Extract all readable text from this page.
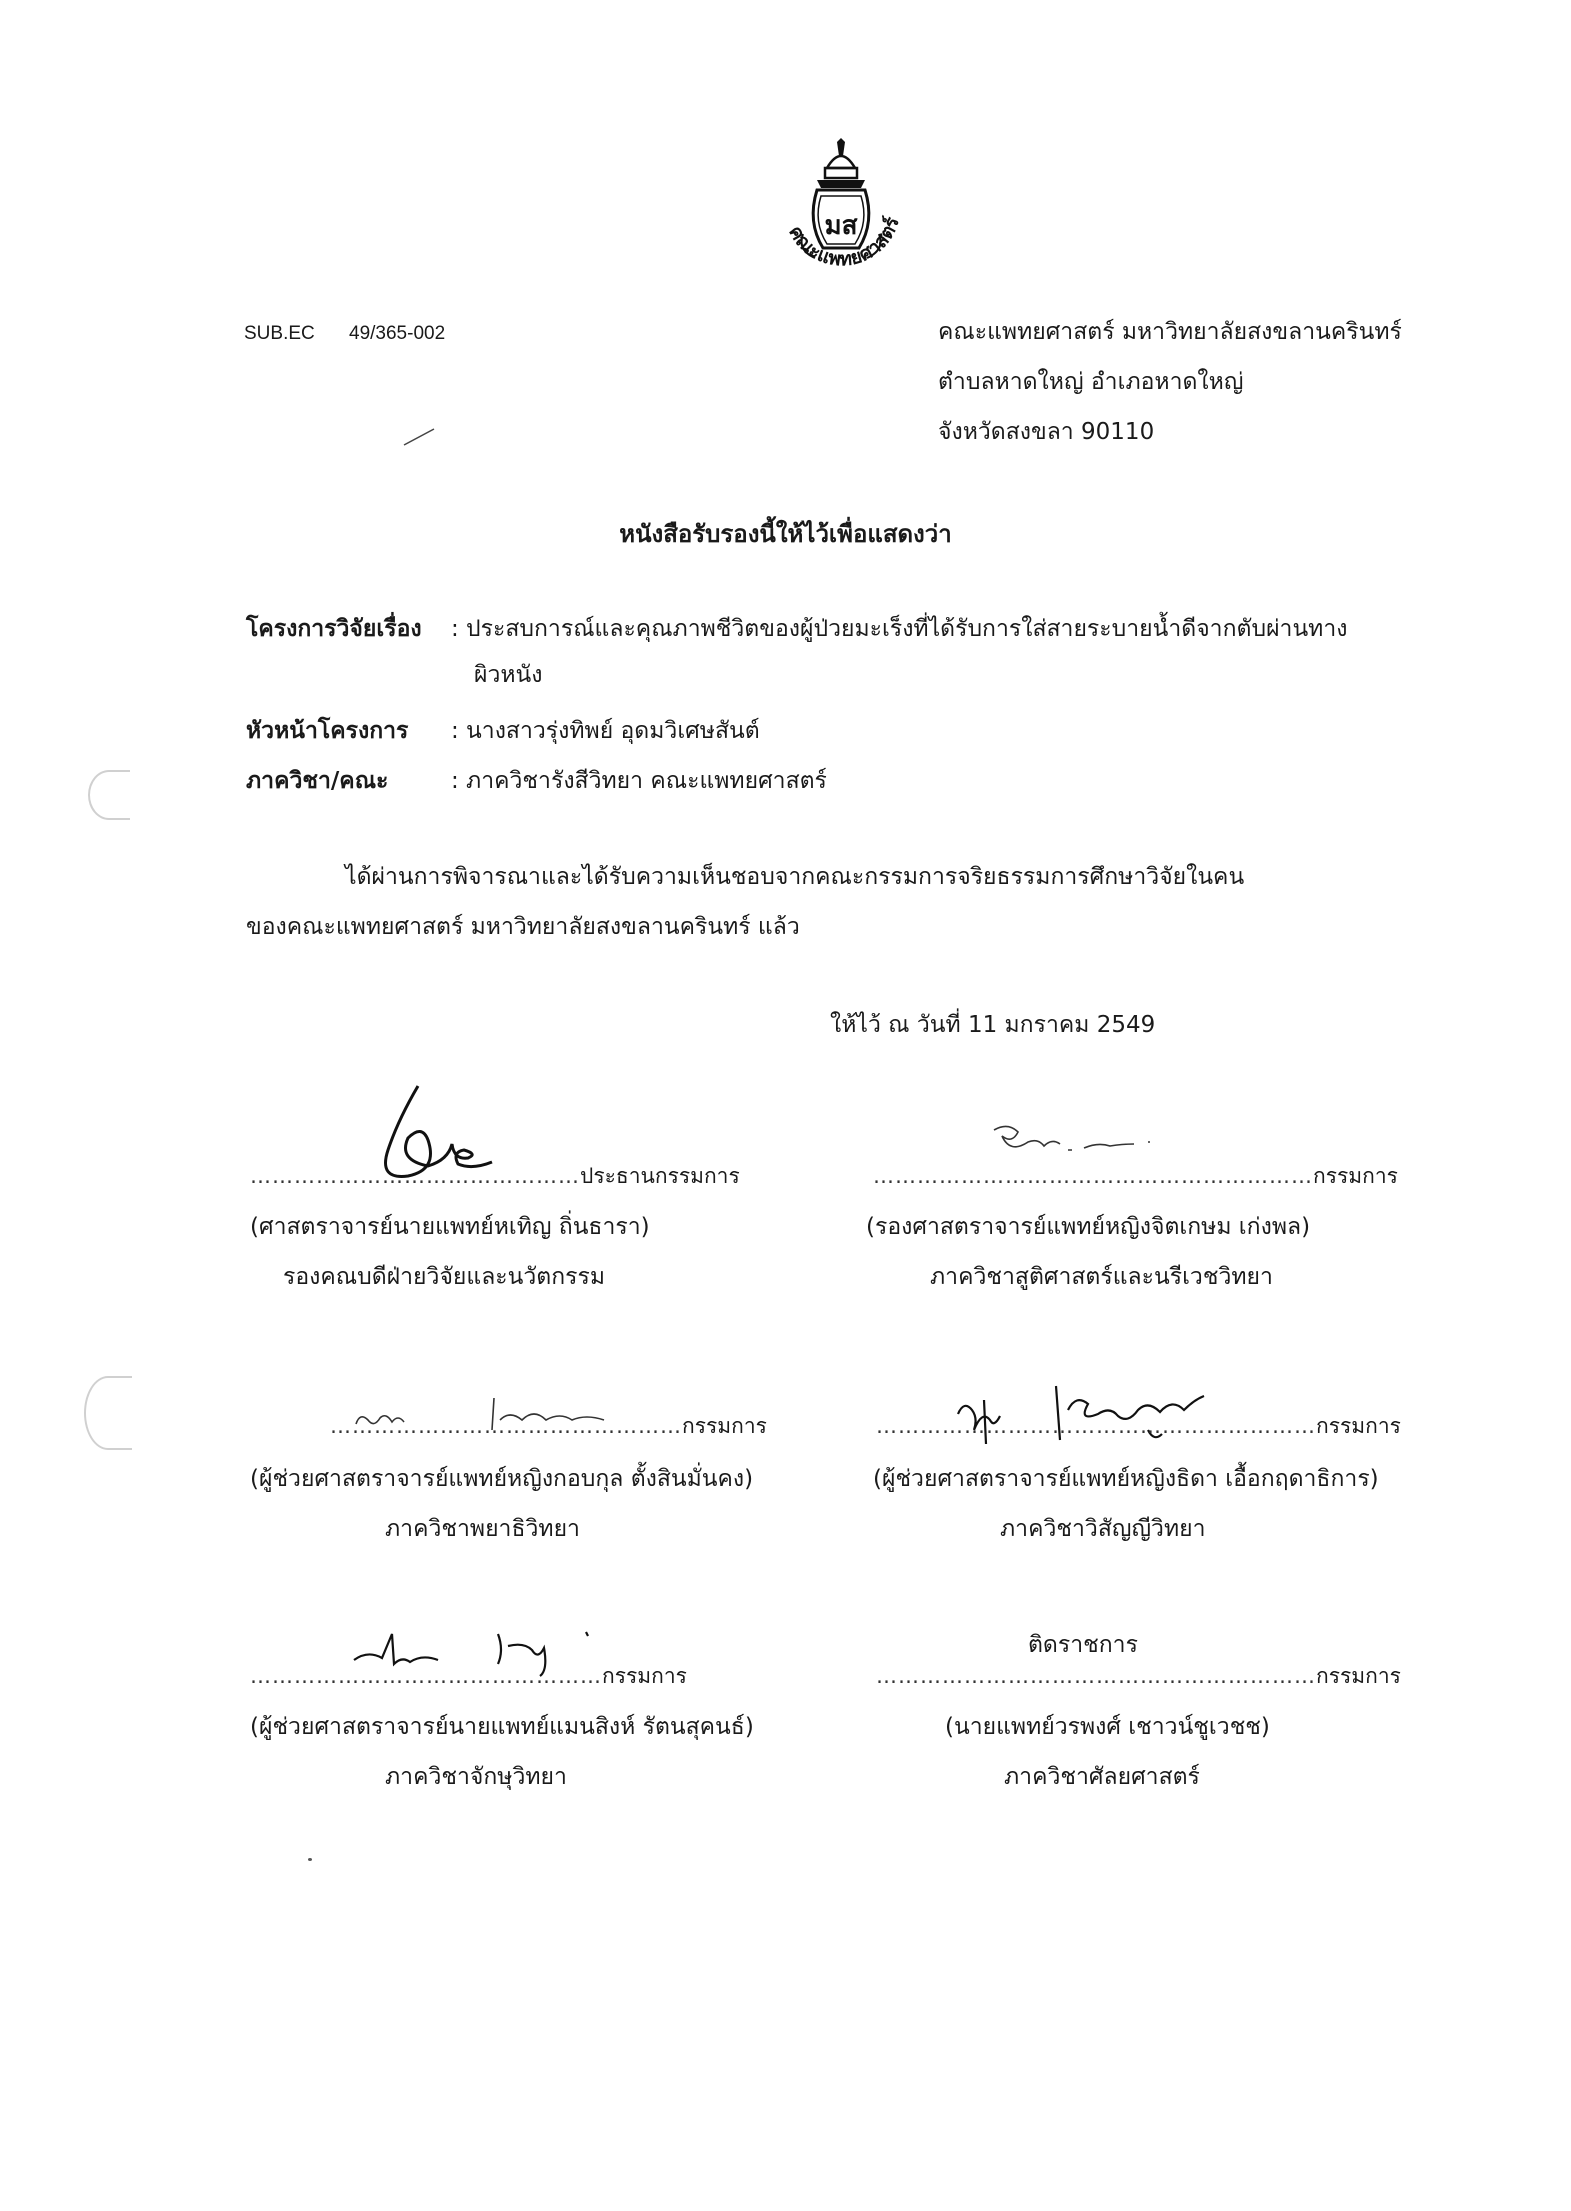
มส
คณะแพทยศาสตร์
SUB.EC 49/365-002	คณะแพทยศาสตร์ มหาวิทยาลัยสงขลานครินทร์
ตำบลหาดใหญ่ อำเภอหาดใหญ่
จังหวัดสงขลา 90110
หนังสือรับรองนี้ให้ไว้เพื่อแสดงว่า
โครงการวิจัยเรื่อง : ประสบการณ์และคุณภาพชีวิตของผู้ป่วยมะเร็งที่ได้รับการใส่สายระบายน้ำดีจากตับผ่านทาง
ผิวหนัง
หัวหน้าโครงการ : นางสาวรุ่งทิพย์ อุดมวิเศษสันต์
ภาควิชา/คณะ	: ภาควิชารังสีวิทยา คณะแพทยศาสตร์
ได้ผ่านการพิจารณาและได้รับความเห็นชอบจากคณะกรรมการจริยธรรมการศึกษาวิจัยในคน
ของคณะแพทยศาสตร์ มหาวิทยาลัยสงขลานครินทร์ แล้ว
ให้ไว้ ณ วันที่ 11 มกราคม 2549
………………………………………ประธานกรรมการ
(ศาสตราจารย์นายแพทย์หเทิญ ถิ่นธารา)
รองคณบดีฝ่ายวิจัยและนวัตกรรม
……………………………………………………กรรมการ
(รองศาสตราจารย์แพทย์หญิงจิตเกษม เก่งพล)
ภาควิชาสูติศาสตร์และนรีเวชวิทยา
…………………………………………กรรมการ
(ผู้ช่วยศาสตราจารย์แพทย์หญิงกอบกุล ตั้งสินมั่นคง)
ภาควิชาพยาธิวิทยา
……………………………………………………กรรมการ
(ผู้ช่วยศาสตราจารย์แพทย์หญิงธิดา เอื้อกฤดาธิการ)
ภาควิชาวิสัญญีวิทยา
…………………………………………กรรมการ
(ผู้ช่วยศาสตราจารย์นายแพทย์แมนสิงห์ รัตนสุคนธ์)
ภาควิชาจักษุวิทยา
ติดราชการ
……………………………………………………กรรมการ
(นายแพทย์วรพงศ์ เชาวน์ชูเวชช)
ภาควิชาศัลยศาสตร์
